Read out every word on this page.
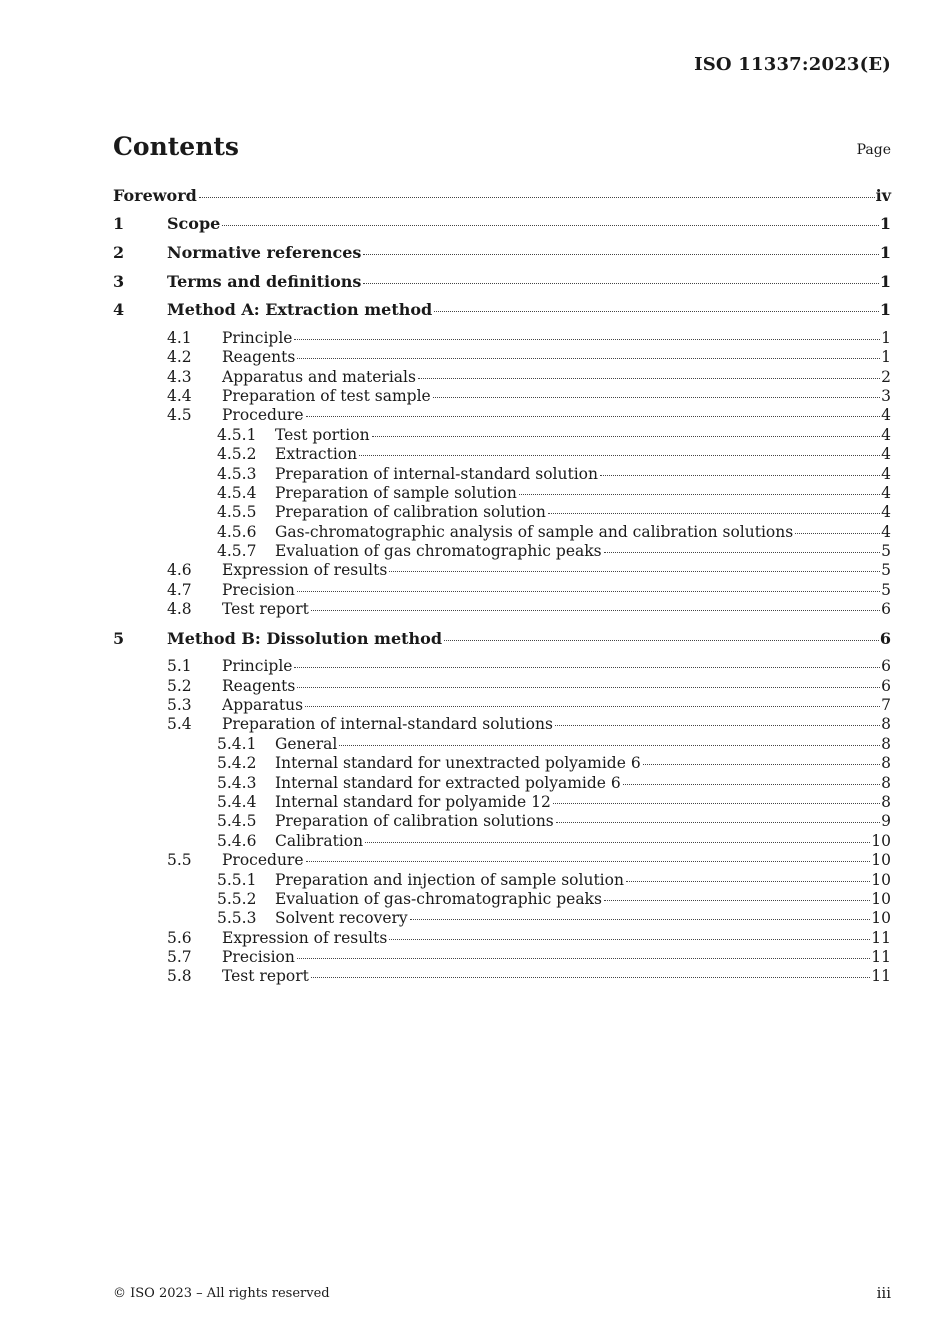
ISO 11337:2023(E)
Contents	Page
Foreword	iv
1	Scope	1
2	Normative references	1
3	Terms and definitions	1
4	Method A: Extraction method	1
4.1	Principle	1
4.2	Reagents	1
4.3	Apparatus and materials	2
4.4	Preparation of test sample	3
4.5	Procedure	4
4.5.1	Test portion	4
4.5.2	Extraction	4
4.5.3	Preparation of internal-standard solution	4
4.5.4	Preparation of sample solution	4
4.5.5	Preparation of calibration solution	4
4.5.6	Gas-chromatographic analysis of sample and calibration solutions	4
4.5.7	Evaluation of gas chromatographic peaks	5
4.6	Expression of results	5
4.7	Precision	5
4.8	Test report	6
5	Method B: Dissolution method	6
5.1	Principle	6
5.2	Reagents	6
5.3	Apparatus	7
5.4	Preparation of internal-standard solutions	8
5.4.1	General	8
5.4.2	Internal standard for unextracted polyamide 6	8
5.4.3	Internal standard for extracted polyamide 6	8
5.4.4	Internal standard for polyamide 12	8
5.4.5	Preparation of calibration solutions	9
5.4.6	Calibration	10
5.5	Procedure	10
5.5.1	Preparation and injection of sample solution	10
5.5.2	Evaluation of gas-chromatographic peaks	10
5.5.3	Solvent recovery	10
5.6	Expression of results	11
5.7	Precision	11
5.8	Test report	11
© ISO 2023 – All rights reserved	iii
